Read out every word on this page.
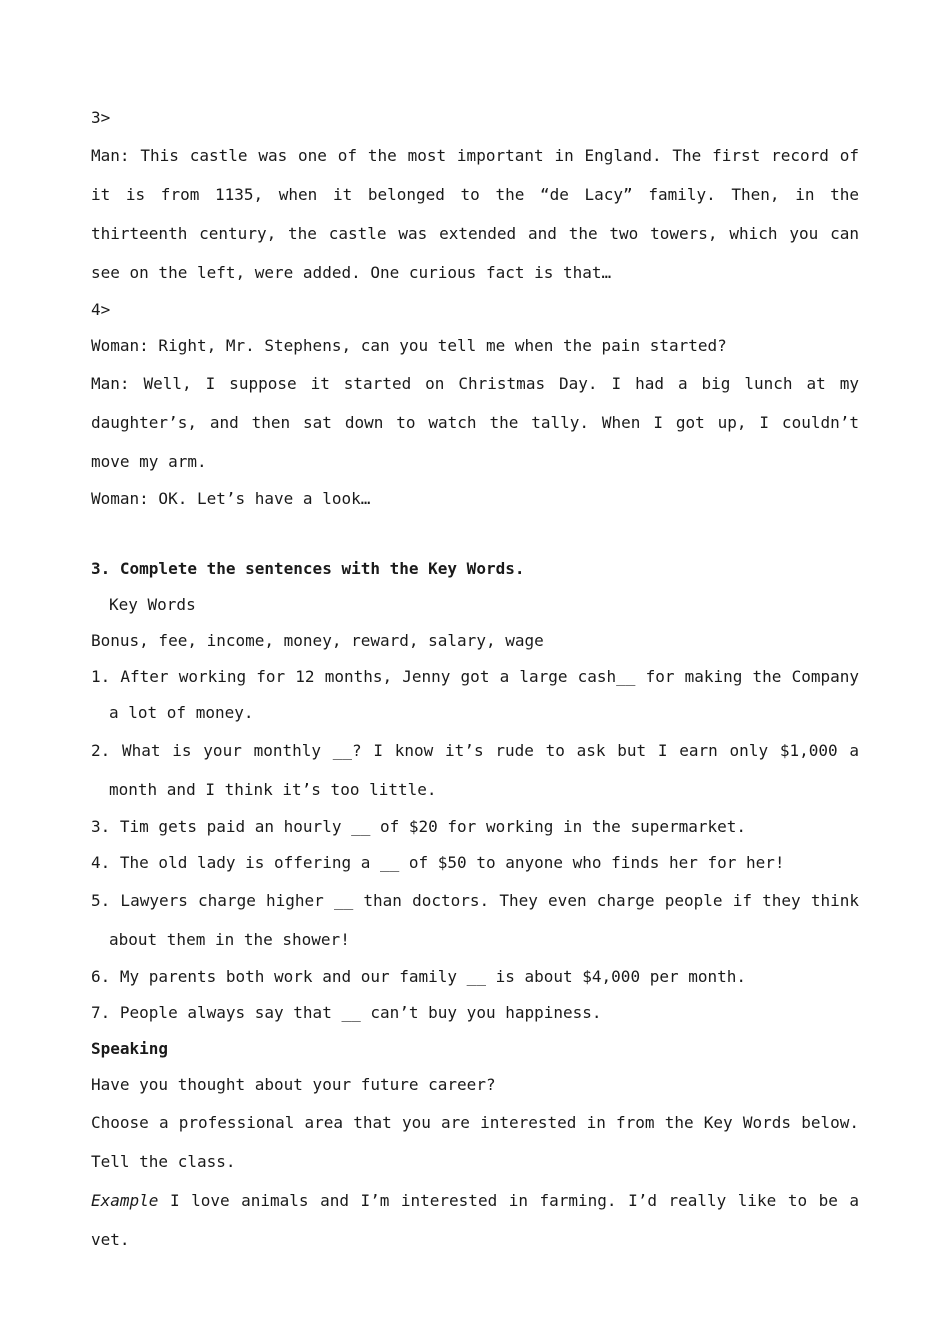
3>

Man: This castle was one of the most important in England. The first record of it is from 1135, when it belonged to the “de Lacy” family. Then, in the thirteenth century, the castle was extended and the two towers, which you can see on the left, were added. One curious fact is that…

4>
Woman: Right, Mr. Stephens, can you tell me when the pain started?

Man: Well, I suppose it started on Christmas Day. I had a big lunch at my daughter’s, and then sat down to watch the tally. When I got up, I couldn’t move my arm.

Woman: OK. Let’s have a look…
3. Complete the sentences with the Key Words.
Key Words
Bonus, fee, income, money, reward, salary, wage

1. After working for 12 months, Jenny got a large cash__ for making the Company a lot of money.

2. What is your monthly __? I know it’s rude to ask but I earn only $1,000 a month and I think it’s too little.

3. Tim gets paid an hourly __ of $20 for working in the supermarket.

4. The old lady is offering a __ of $50 to anyone who finds her for her!

5. Lawyers charge higher __ than doctors. They even charge people if they think about them in the shower!

6. My parents both work and our family __ is about $4,000 per month.

7. People always say that __ can’t buy you happiness.

Speaking
Have you thought about your future career?

Choose a professional area that you are interested in from the Key Words below. Tell the class.

Example I love animals and I’m interested in farming. I’d really like to be a vet.
